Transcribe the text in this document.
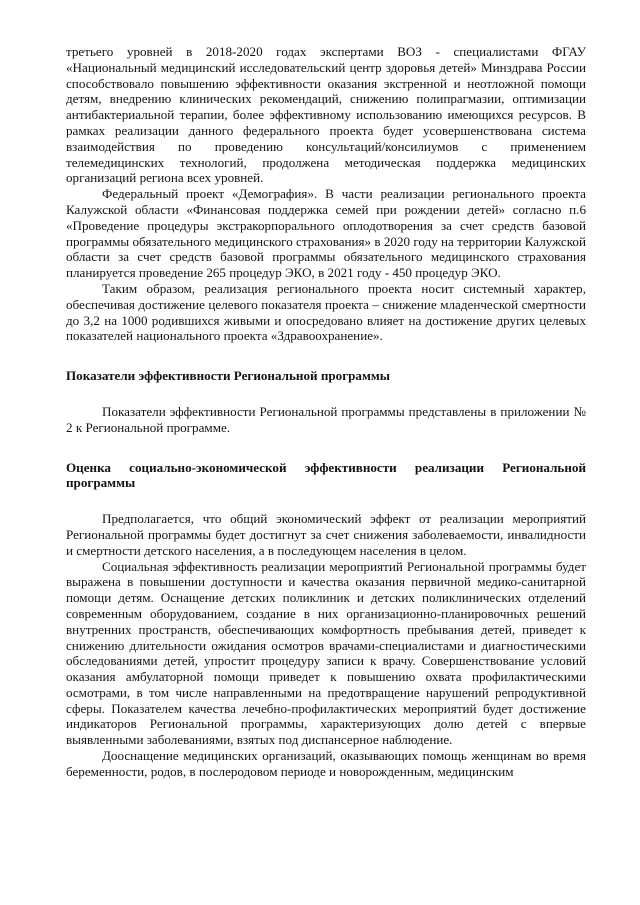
третьего уровней в 2018-2020 годах экспертами ВОЗ - специалистами ФГАУ «Национальный медицинский исследовательский центр здоровья детей» Минздрава России способствовало повышению эффективности оказания экстренной и неотложной помощи детям, внедрению клинических рекомендаций, снижению полипрагмазии, оптимизации антибактериальной терапии, более эффективному использованию имеющихся ресурсов. В рамках реализации данного федерального проекта будет усовершенствована система взаимодействия по проведению консультаций/консилиумов с применением телемедицинских технологий, продолжена методическая поддержка медицинских организаций региона всех уровней.

Федеральный проект «Демография». В части реализации регионального проекта Калужской области «Финансовая поддержка семей при рождении детей» согласно п.6 «Проведение процедуры экстракорпорального оплодотворения за счет средств базовой программы обязательного медицинского страхования» в 2020 году на территории Калужской области за счет средств базовой программы обязательного медицинского страхования планируется проведение 265 процедур ЭКО, в 2021 году - 450 процедур ЭКО.

Таким образом, реализация регионального проекта носит системный характер, обеспечивая достижение целевого показателя проекта – снижение младенческой смертности до 3,2 на 1000 родившихся живыми и опосредовано влияет на достижение других целевых показателей национального проекта «Здравоохранение».

Показатели эффективности Региональной программы

Показатели эффективности Региональной программы представлены в приложении № 2 к Региональной программе.

Оценка социально-экономической эффективности реализации Региональной программы

Предполагается, что общий экономический эффект от реализации мероприятий Региональной программы будет достигнут за счет снижения заболеваемости, инвалидности и смертности детского населения, а в последующем населения в целом.

Социальная эффективность реализации мероприятий Региональной программы будет выражена в повышении доступности и качества оказания первичной медико-санитарной помощи детям. Оснащение детских поликлиник и детских поликлинических отделений современным оборудованием, создание в них организационно-планировочных решений внутренних пространств, обеспечивающих комфортность пребывания детей, приведет к снижению длительности ожидания осмотров врачами-специалистами и диагностическими обследованиями детей, упростит процедуру записи к врачу. Совершенствование условий оказания амбулаторной помощи приведет к повышению охвата профилактическими осмотрами, в том числе направленными на предотвращение нарушений репродуктивной сферы. Показателем качества лечебно-профилактических мероприятий будет достижение индикаторов Региональной программы, характеризующих долю детей с впервые выявленными заболеваниями, взятых под диспансерное наблюдение.

Дооснащение медицинских организаций, оказывающих помощь женщинам во время беременности, родов, в послеродовом периоде и новорожденным, медицинским
